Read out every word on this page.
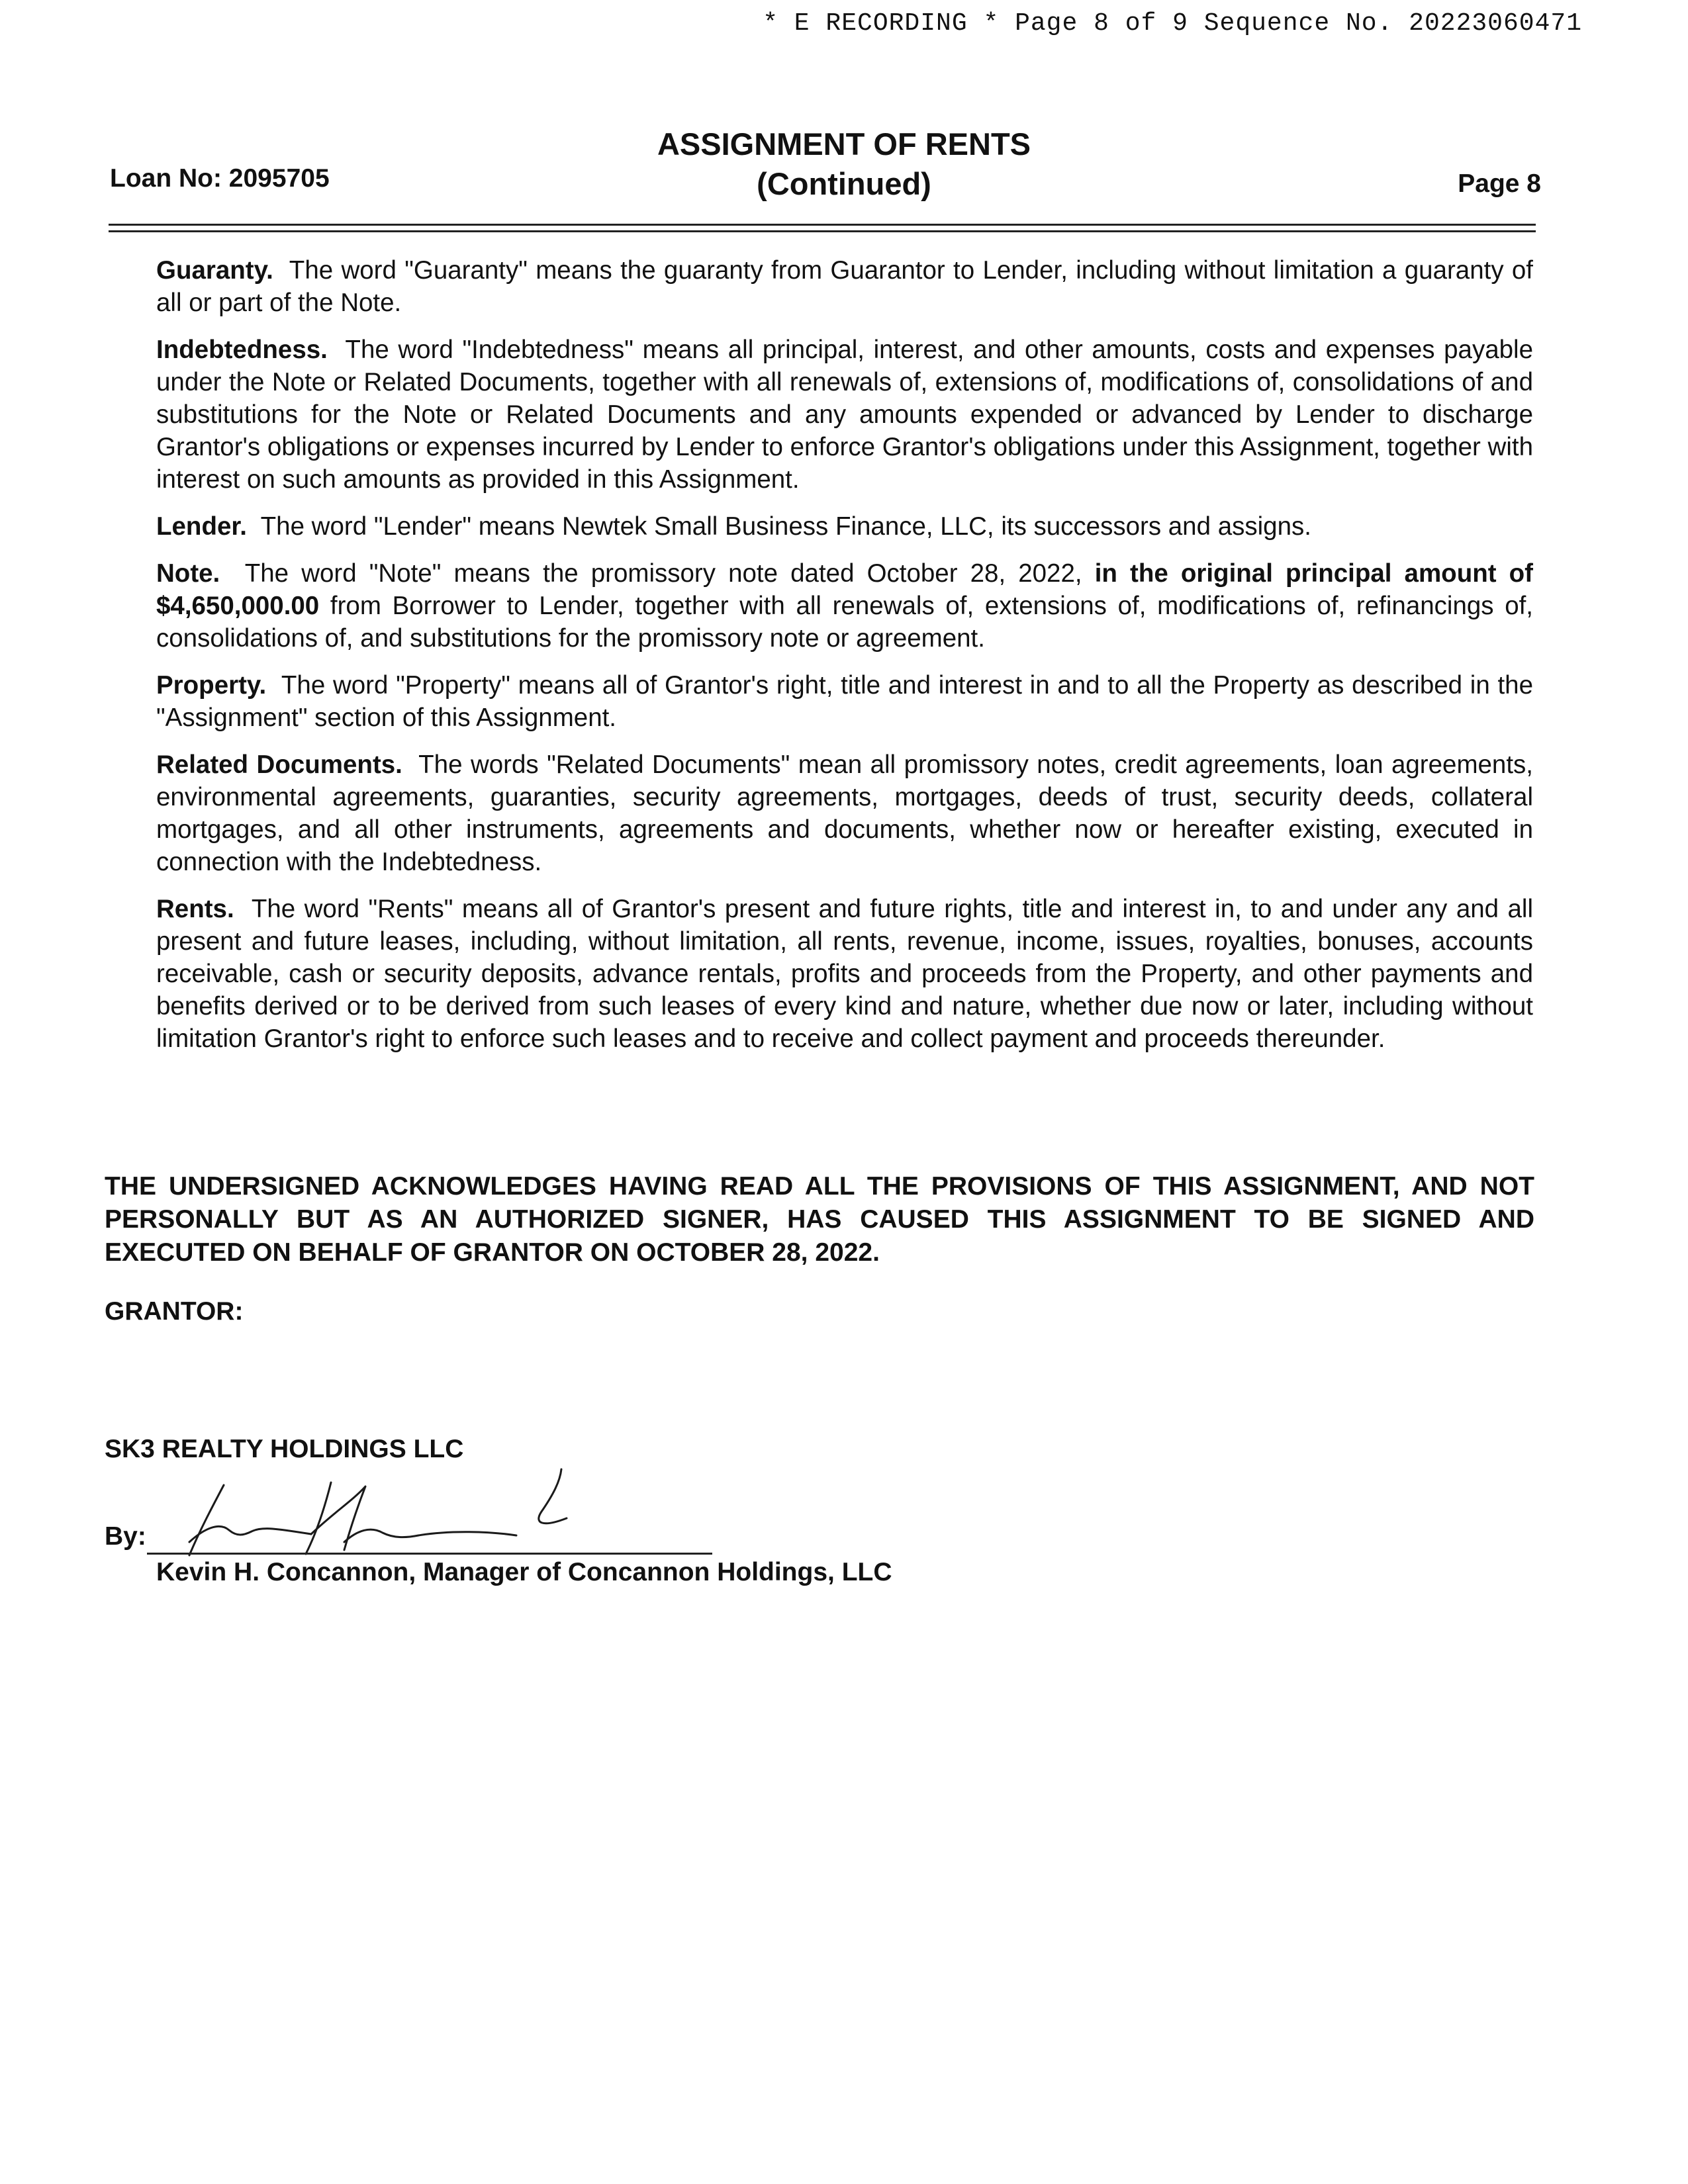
* E RECORDING * Page 8 of 9 Sequence No. 20223060471
ASSIGNMENT OF RENTS
(Continued)
Loan No: 2095705	Page 8

Guaranty. The word "Guaranty" means the guaranty from Guarantor to Lender, including without limitation a guaranty of all or part of the Note.

Indebtedness. The word "Indebtedness" means all principal, interest, and other amounts, costs and expenses payable under the Note or Related Documents, together with all renewals of, extensions of, modifications of, consolidations of and substitutions for the Note or Related Documents and any amounts expended or advanced by Lender to discharge Grantor's obligations or expenses incurred by Lender to enforce Grantor's obligations under this Assignment, together with interest on such amounts as provided in this Assignment.

Lender. The word "Lender" means Newtek Small Business Finance, LLC, its successors and assigns.

Note. The word "Note" means the promissory note dated October 28, 2022, in the original principal amount of $4,650,000.00 from Borrower to Lender, together with all renewals of, extensions of, modifications of, refinancings of, consolidations of, and substitutions for the promissory note or agreement.

Property. The word "Property" means all of Grantor's right, title and interest in and to all the Property as described in the "Assignment" section of this Assignment.

Related Documents. The words "Related Documents" mean all promissory notes, credit agreements, loan agreements, environmental agreements, guaranties, security agreements, mortgages, deeds of trust, security deeds, collateral mortgages, and all other instruments, agreements and documents, whether now or hereafter existing, executed in connection with the Indebtedness.

Rents. The word "Rents" means all of Grantor's present and future rights, title and interest in, to and under any and all present and future leases, including, without limitation, all rents, revenue, income, issues, royalties, bonuses, accounts receivable, cash or security deposits, advance rentals, profits and proceeds from the Property, and other payments and benefits derived or to be derived from such leases of every kind and nature, whether due now or later, including without limitation Grantor's right to enforce such leases and to receive and collect payment and proceeds thereunder.

THE UNDERSIGNED ACKNOWLEDGES HAVING READ ALL THE PROVISIONS OF THIS ASSIGNMENT, AND NOT PERSONALLY BUT AS AN AUTHORIZED SIGNER, HAS CAUSED THIS ASSIGNMENT TO BE SIGNED AND EXECUTED ON BEHALF OF GRANTOR ON OCTOBER 28, 2022.
GRANTOR:
SK3 REALTY HOLDINGS LLC
By:
Kevin H. Concannon, Manager of Concannon Holdings, LLC
